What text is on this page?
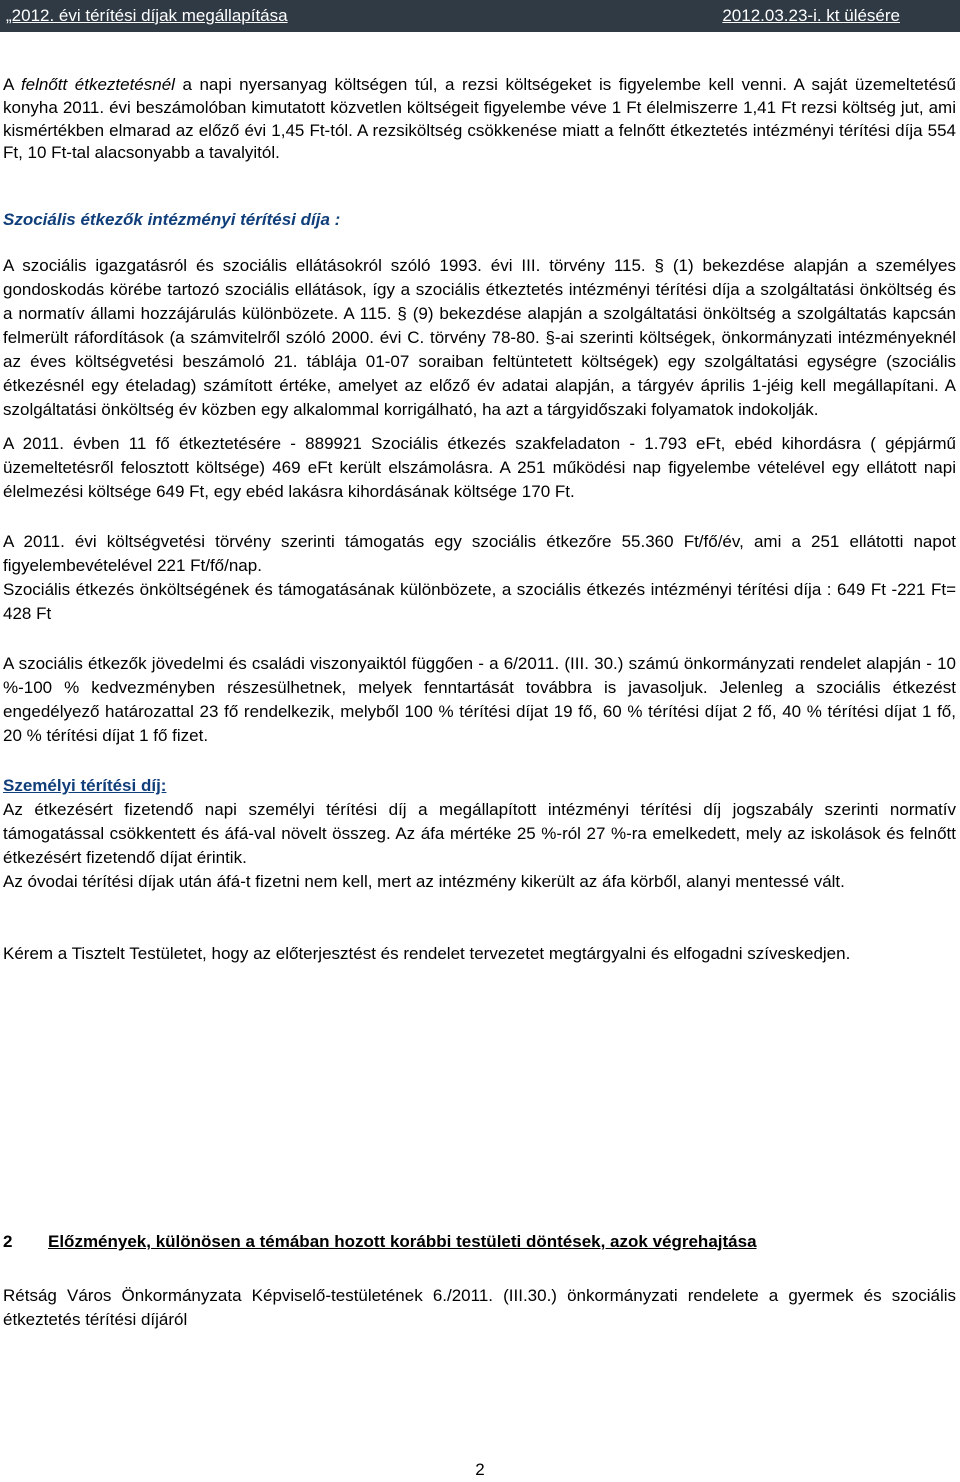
„2012. évi térítési díjak megállapítása	2012.03.23-i. kt ülésére

A felnőtt étkeztetésnél a napi nyersanyag költségen túl, a rezsi költségeket is figyelembe kell venni. A saját üzemeltetésű konyha 2011. évi beszámolóban kimutatott közvetlen költségeit figyelembe véve 1 Ft élelmiszerre 1,41 Ft rezsi költség jut, ami kismértékben elmarad az előző évi 1,45 Ft-tól. A rezsiköltség csökkenése miatt a felnőtt étkeztetés intézményi térítési díja 554 Ft, 10 Ft-tal alacsonyabb a tavalyitól.

Szociális étkezők intézményi térítési díja :

A szociális igazgatásról és szociális ellátásokról szóló 1993. évi III. törvény 115. § (1) bekezdése alapján a személyes gondoskodás körébe tartozó szociális ellátások, így a szociális étkeztetés intézményi térítési díja a szolgáltatási önköltség és a normatív állami hozzájárulás különbözete. A 115. § (9) bekezdése alapján a szolgáltatási önköltség a szolgáltatás kapcsán felmerült ráfordítások (a számvitelről szóló 2000. évi C. törvény 78-80. §-ai szerinti költségek, önkormányzati intézményeknél az éves költségvetési beszámoló 21. táblája 01-07 soraiban feltüntetett költségek) egy szolgáltatási egységre (szociális étkezésnél egy ételadag) számított értéke, amelyet az előző év adatai alapján, a tárgyév április 1-jéig kell megállapítani. A szolgáltatási önköltség év közben egy alkalommal korrigálható, ha azt a tárgyidőszaki folyamatok indokolják.

A 2011. évben 11 fő étkeztetésére - 889921 Szociális étkezés szakfeladaton - 1.793 eFt, ebéd kihordásra ( gépjármű üzemeltetésről felosztott költsége) 469 eFt került elszámolásra. A 251 működési nap figyelembe vételével egy ellátott napi élelmezési költsége 649 Ft, egy ebéd lakásra kihordásának költsége 170 Ft.

A 2011. évi költségvetési törvény szerinti támogatás egy szociális étkezőre 55.360 Ft/fő/év, ami a 251 ellátotti napot figyelembevételével 221 Ft/fő/nap.

Szociális étkezés önköltségének és támogatásának különbözete, a szociális étkezés intézményi térítési díja : 649 Ft -221 Ft= 428 Ft

A szociális étkezők jövedelmi és családi viszonyaiktól függően - a 6/2011. (III. 30.) számú önkormányzati rendelet alapján - 10 %-100 % kedvezményben részesülhetnek, melyek fenntartását továbbra is javasoljuk. Jelenleg a szociális étkezést engedélyező határozattal 23 fő rendelkezik, melyből 100 % térítési díjat 19 fő, 60 % térítési díjat 2 fő, 40 % térítési díjat 1 fő, 20 % térítési díjat 1 fő fizet.

Személyi térítési díj:

Az étkezésért fizetendő napi személyi térítési díj a megállapított intézményi térítési díj jogszabály szerinti normatív támogatással csökkentett és áfá-val növelt összeg. Az áfa mértéke 25 %-ról 27 %-ra emelkedett, mely az iskolások és felnőtt étkezésért fizetendő díjat érintik.

Az óvodai térítési díjak után áfá-t fizetni nem kell, mert az intézmény kikerült az áfa körből, alanyi mentessé vált.

Kérem a Tisztelt Testületet, hogy az előterjesztést és rendelet tervezetet megtárgyalni és elfogadni szíveskedjen.

2 Előzmények, különösen a témában hozott korábbi testületi döntések, azok végrehajtása

Rétság Város Önkormányzata Képviselő-testületének 6./2011. (III.30.) önkormányzati rendelete a gyermek és szociális étkeztetés térítési díjáról

2
